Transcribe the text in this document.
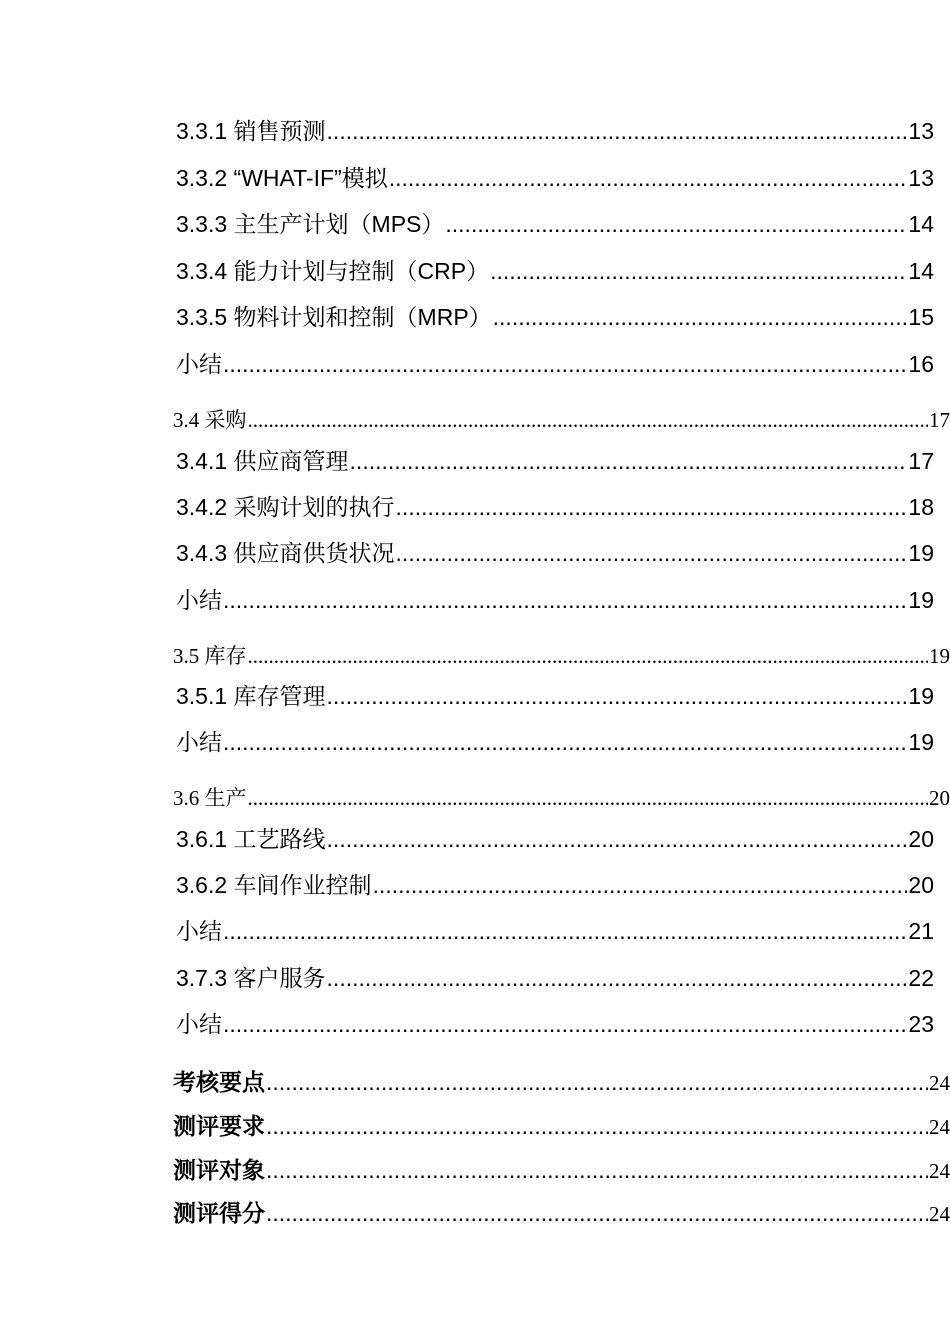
3.3.1 销售预测 .....	13
3.3.2 “WHAT-IF”模拟 .....	13
3.3.3 主生产计划（MPS） .....	14
3.3.4 能力计划与控制（CRP） .....	14
3.3.5 物料计划和控制（MRP） .....	15
小结 .....	16
3.4 采购 .....	17
3.4.1 供应商管理 .....	17
3.4.2 采购计划的执行 .....	18
3.4.3 供应商供货状况 .....	19
小结 .....	19
3.5 库存 .....	19
3.5.1 库存管理 .....	19
小结 .....	19
3.6 生产 .....	20
3.6.1 工艺路线 .....	20
3.6.2 车间作业控制 .....	20
小结 .....	21
3.7.3 客户服务 .....	22
小结 .....	23
考核要点 .....	24
测评要求 .....	24
测评对象 .....	24
测评得分 .....	24
